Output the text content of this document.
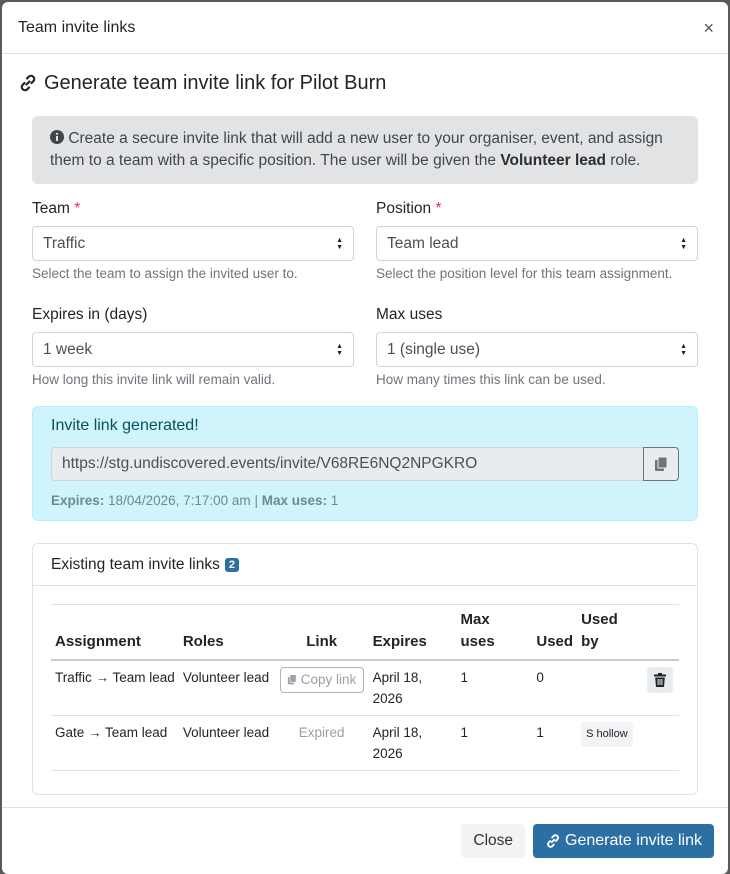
Team invite links	×
Generate team invite link for Pilot Burn
Create a secure invite link that will add a new user to your organiser, event, and assign them to a team with a specific position. The user will be given the Volunteer lead role.
Team *
Traffic	▲
▼
Select the team to assign the invited user to.
Position *
Team lead	▲
▼
Select the position level for this team assignment.
Expires in (days)
1 week	▲
▼
How long this invite link will remain valid.
Max uses
1 (single use)	▲
▼
How many times this link can be used.
Invite link generated!
https://stg.undiscovered.events/invite/V68RE6NQ2NPGKRO
Expires: 18/04/2026, 7:17:00 am | Max uses: 1
Existing team invite links 2
Assignment	Roles	Link	Expires	Max uses	Used	Used by	
Traffic → Team lead	Volunteer lead	Copy link	April 18, 2026	1	0		

Gate → Team lead	Volunteer lead	Expired	April 18, 2026	1	1	S hollow	
Close	Generate invite link
